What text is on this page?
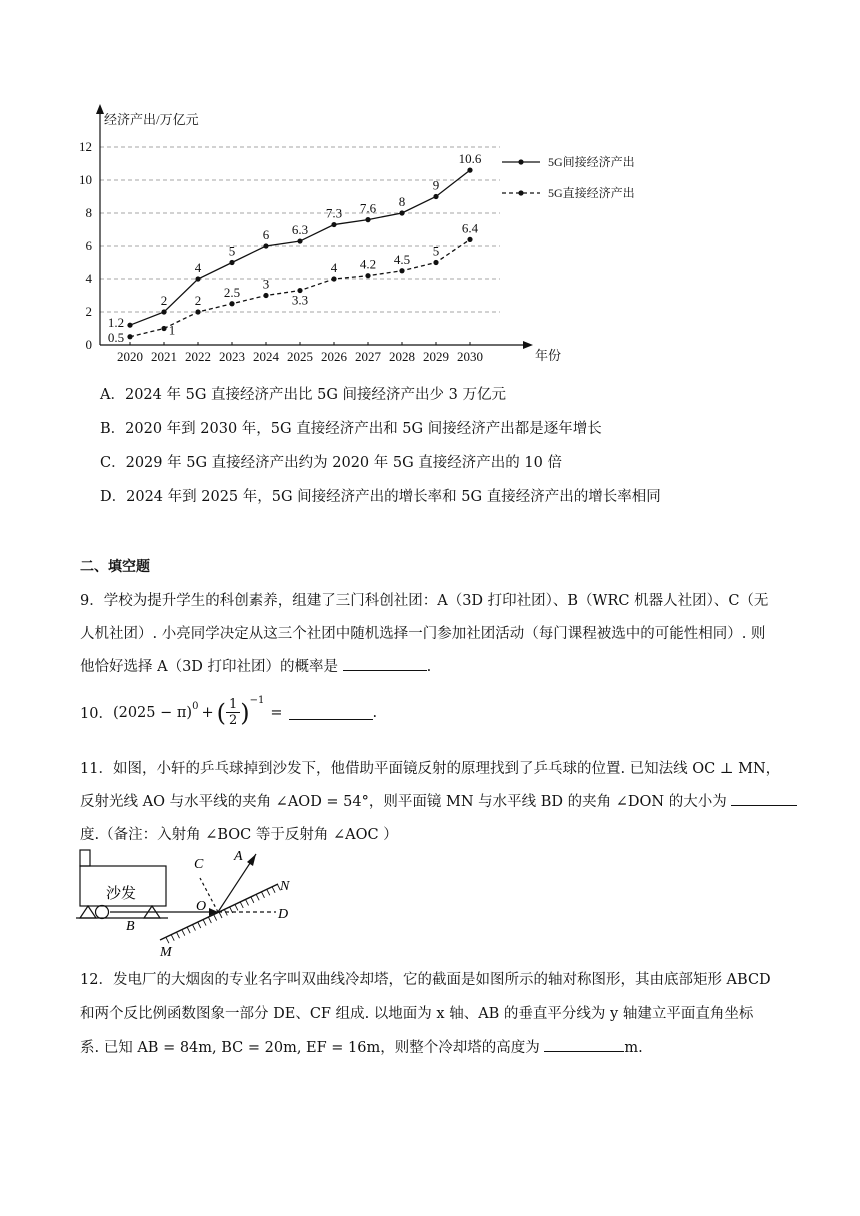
0
2
4
6
8
10
12
经济产出/万亿元
年份
2020 2021 2022 2023 2024 2025 2026 2027 2028 2029 2030
1.2
2
4
5
6 6.3
7.3 7.6 8
9
10.6
0.5	1
2
2.5
3
3.3
4 4.2 4.5
5
6.4
5G间接经济产出
5G直接经济产出
A．2024 年 5G 直接经济产出比 5G 间接经济产出少 3 万亿元
B．2020 年到 2030 年，5G 直接经济产出和 5G 间接经济产出都是逐年增长
C．2029 年 5G 直接经济产出约为 2020 年 5G 直接经济产出的 10 倍
D．2024 年到 2025 年，5G 间接经济产出的增长率和 5G 直接经济产出的增长率相同
二、填空题
9．学校为提升学生的科创素养，组建了三门科创社团：A（3D 打印社团）、B（WRC 机器人社团）、C（无
人机社团）. 小亮同学决定从这三个社团中随机选择一门参加社团活动（每门课程被选中的可能性相同）. 则
他恰好选择 A（3D 打印社团）的概率是	.
10． $(2025 - \pi)^0$ + ( $\frac{1}{2} )^{-1}$
=	.
11．如图，小轩的乒乓球掉到沙发下，他借助平面镜反射的原理找到了乒乓球的位置. 已知法线 OC ⊥ MN，
反射光线 AO 与水平线的夹角 ∠AOD = 54°，则平面镜 MN 与水平线 BD 的夹角 ∠DON 的大小为
度.（备注：入射角 ∠BOC 等于反射角 ∠AOC ）
沙发
C
A
N
O
D
B
M
12．发电厂的大烟囱的专业名字叫双曲线冷却塔，它的截面是如图所示的轴对称图形，其由底部矩形 ABCD
和两个反比例函数图象一部分 DE、CF 组成. 以地面为 x 轴、AB 的垂直平分线为 y 轴建立平面直角坐标
系. 已知 AB = 84m, BC = 20m, EF = 16m，则整个冷却塔的高度为	m.
